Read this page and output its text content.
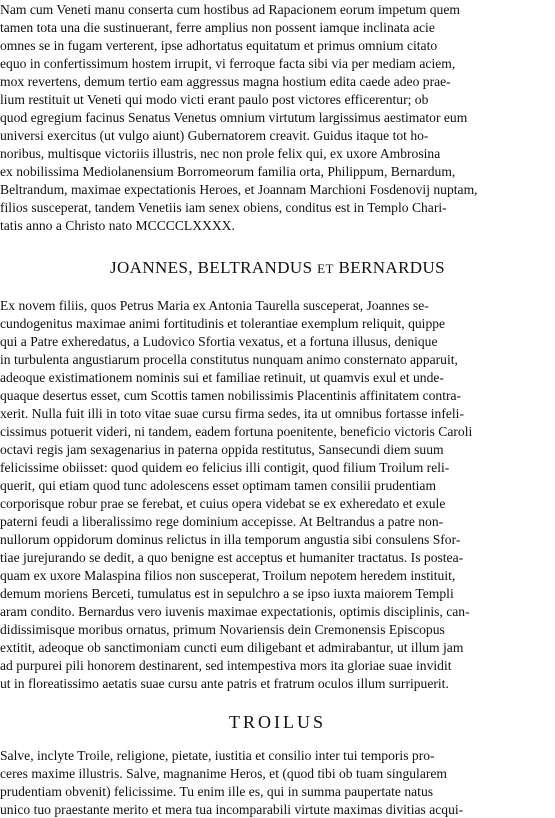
Nam cum Veneti manu conserta cum hostibus ad Rapacionem eorum impetum quem
tamen tota una die sustinuerant, ferre amplius non possent iamque inclinata acie
omnes se in fugam verterent, ipse adhortatus equitatum et primus omnium citato
equo in confertissimum hostem irrupit, vi ferroque facta sibi via per mediam aciem,
mox revertens, demum tertio eam aggressus magna hostium edita caede adeo prae-
lium restituit ut Veneti qui modo victi erant paulo post victores efficerentur; ob
quod egregium facinus Senatus Venetus omnium virtutum largissimus aestimator eum
universi exercitus (ut vulgo aiunt) Gubernatorem creavit. Guidus itaque tot ho-
noribus, multisque victoriis illustris, nec non prole felix qui, ex uxore Ambrosina
ex nobilissima Mediolanensium Borromeorum familia orta, Philippum, Bernardum,
Beltrandum, maximae expectationis Heroes, et Joannam Marchioni Fosdenovij nuptam,
filios susceperat, tandem Venetiis iam senex obiens, conditus est in Templo Chari-
tatis anno a Christo nato MCCCCLXXXX.
JOANNES, BELTRANDUS ET BERNARDUS
Ex novem filiis, quos Petrus Maria ex Antonia Taurella susceperat, Joannes se-
cundogenitus maximae animi fortitudinis et tolerantiae exemplum reliquit, quippe
qui a Patre exheredatus, a Ludovico Sfortia vexatus, et a fortuna illusus, denique
in turbulenta angustiarum procella constitutus nunquam animo consternato apparuit,
adeoque existimationem nominis sui et familiae retinuit, ut quamvis exul et unde-
quaque desertus esset, cum Scottis tamen nobilissimis Placentinis affinitatem contra-
xerit. Nulla fuit illi in toto vitae suae cursu firma sedes, ita ut omnibus fortasse infeli-
cissimus potuerit videri, ni tandem, eadem fortuna poenitente, beneficio victoris Caroli
octavi regis jam sexagenarius in paterna oppida restitutus, Sansecundi diem suum
felicissime obiisset: quod quidem eo felicius illi contigit, quod filium Troilum reli-
querit, qui etiam quod tunc adolescens esset optimam tamen consilii prudentiam
corporisque robur prae se ferebat, et cuius opera videbat se ex exheredato et exule
paterni feudi a liberalissimo rege dominium accepisse. At Beltrandus a patre non-
nullorum oppidorum dominus relictus in illa temporum angustia sibi consulens Sfor-
tiae jurejurando se dedit, a quo benigne est acceptus et humaniter tractatus. Is postea-
quam ex uxore Malaspina filios non susceperat, Troilum nepotem heredem instituit,
demum moriens Berceti, tumulatus est in sepulchro a se ipso iuxta maiorem Templi
aram condito. Bernardus vero iuvenis maximae expectationis, optimis disciplinis, can-
didissimisque moribus ornatus, primum Novariensis dein Cremonensis Episcopus
extitit, adeoque ob sanctimoniam cuncti eum diligebant et admirabantur, ut illum jam
ad purpurei pili honorem destinarent, sed intempestiva mors ita gloriae suae invidit
ut in floreatissimo aetatis suae cursu ante patris et fratrum oculos illum surripuerit.
TROILUS
Salve, inclyte Troile, religione, pietate, iustitia et consilio inter tui temporis pro-
ceres maxime illustris. Salve, magnanime Heros, et (quod tibi ob tuam singularem
prudentiam obvenit) felicissime. Tu enim ille es, qui in summa paupertate natus
unico tuo praestante merito et mera tua incomparabili virtute maximas divitias acqui-
